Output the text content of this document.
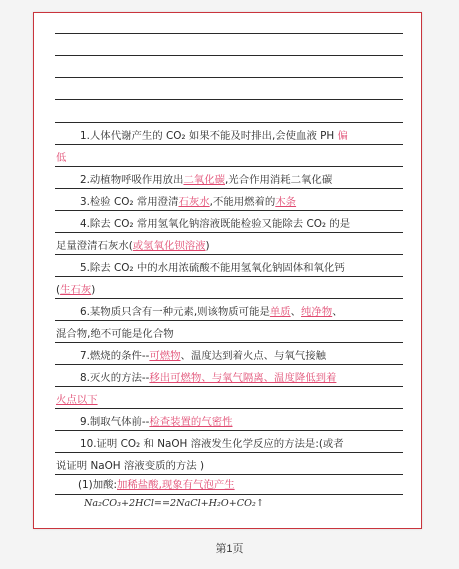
1.人体代谢产生的 CO₂ 如果不能及时排出,会使血液 PH 偏
低
2.动植物呼吸作用放出二氧化碳,光合作用消耗二氧化碳
3.检验 CO₂ 常用澄清石灰水,不能用燃着的木条
4.除去 CO₂ 常用氢氧化钠溶液既能检验又能除去 CO₂ 的是
足量澄清石灰水(或氢氧化钡溶液)
5.除去 CO₂ 中的水用浓硫酸不能用氢氧化钠固体和氧化钙
(生石灰)
6.某物质只含有一种元素,则该物质可能是单质、纯净物、
混合物,绝不可能是化合物
7.燃烧的条件--可燃物、温度达到着火点、与氧气接触
8.灭火的方法--移出可燃物、与氧气隔离、温度降低到着
火点以下
9.制取气体前--检查装置的气密性
10.证明 CO₂ 和 NaOH 溶液发生化学反应的方法是:(或者
说证明 NaOH 溶液变质的方法 )
(1)加酸:加稀盐酸,现象有气泡产生
Na₂CO₃+2HCl==2NaCl+H₂O+CO₂↑
第1页
